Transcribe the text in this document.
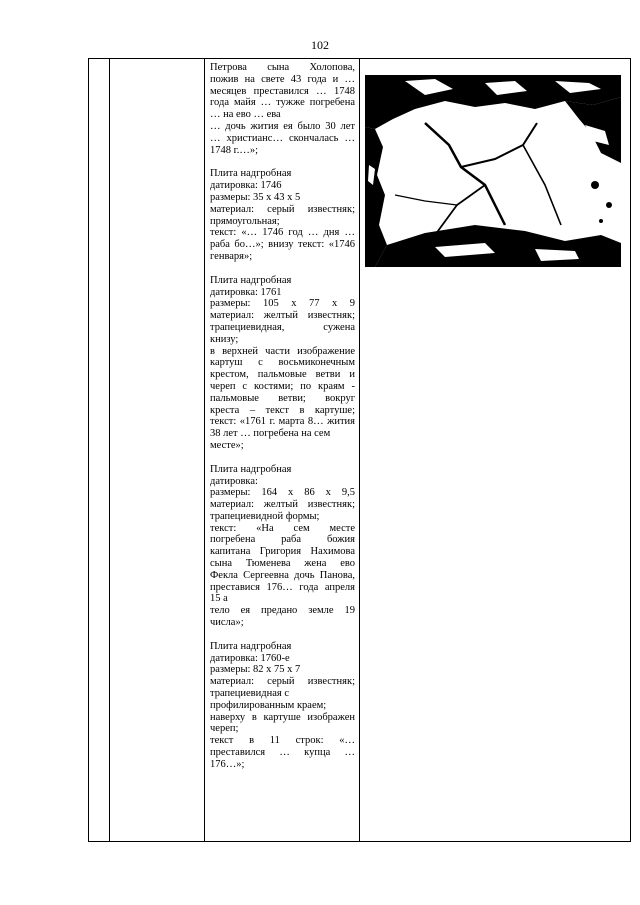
102

Петрова сына Холопова,

пожив на свете 43 года и …

месяцев преставился … 1748

года майя … тужже погребена

… на ево … ева

… дочь жития ея было 30 лет

… христианс… скончалась …

1748 г.…»;

Плита надгробная

датировка: 1746

размеры: 35 х 43 х 5

материал: серый известняк;

прямоугольная;

текст: «… 1746 год … дня …

раба бо…»; внизу текст: «1746

генваря»;

Плита надгробная

датировка: 1761

размеры: 105 х 77 х 9

материал: желтый известняк;

трапециевидная, сужена

книзу;

в верхней части изображение

картуш с восьмиконечным

крестом, пальмовые ветви и

череп с костями; по краям -

пальмовые ветви; вокруг

креста – текст в картуше;

текст: «1761 г. марта 8… жития

38 лет … погребена на сем

месте»;

Плита надгробная

датировка:

размеры: 164 х 86 х 9,5

материал: желтый известняк;

трапециевидной формы;

текст: «На сем месте

погребена раба божия

капитана Григория Нахимова

сына Тюменева жена ево

Фекла Сергеевна дочь Панова,

преставися 176… года апреля

15 а

тело ея предано земле 19

числа»;

Плита надгробная

датировка: 1760-е

размеры: 82 х 75 х 7

материал: серый известняк;

трапециевидная с

профилированным краем;

наверху в картуше изображен

череп;

текст в 11 строк: «…

преставился … купца …

176…»;
